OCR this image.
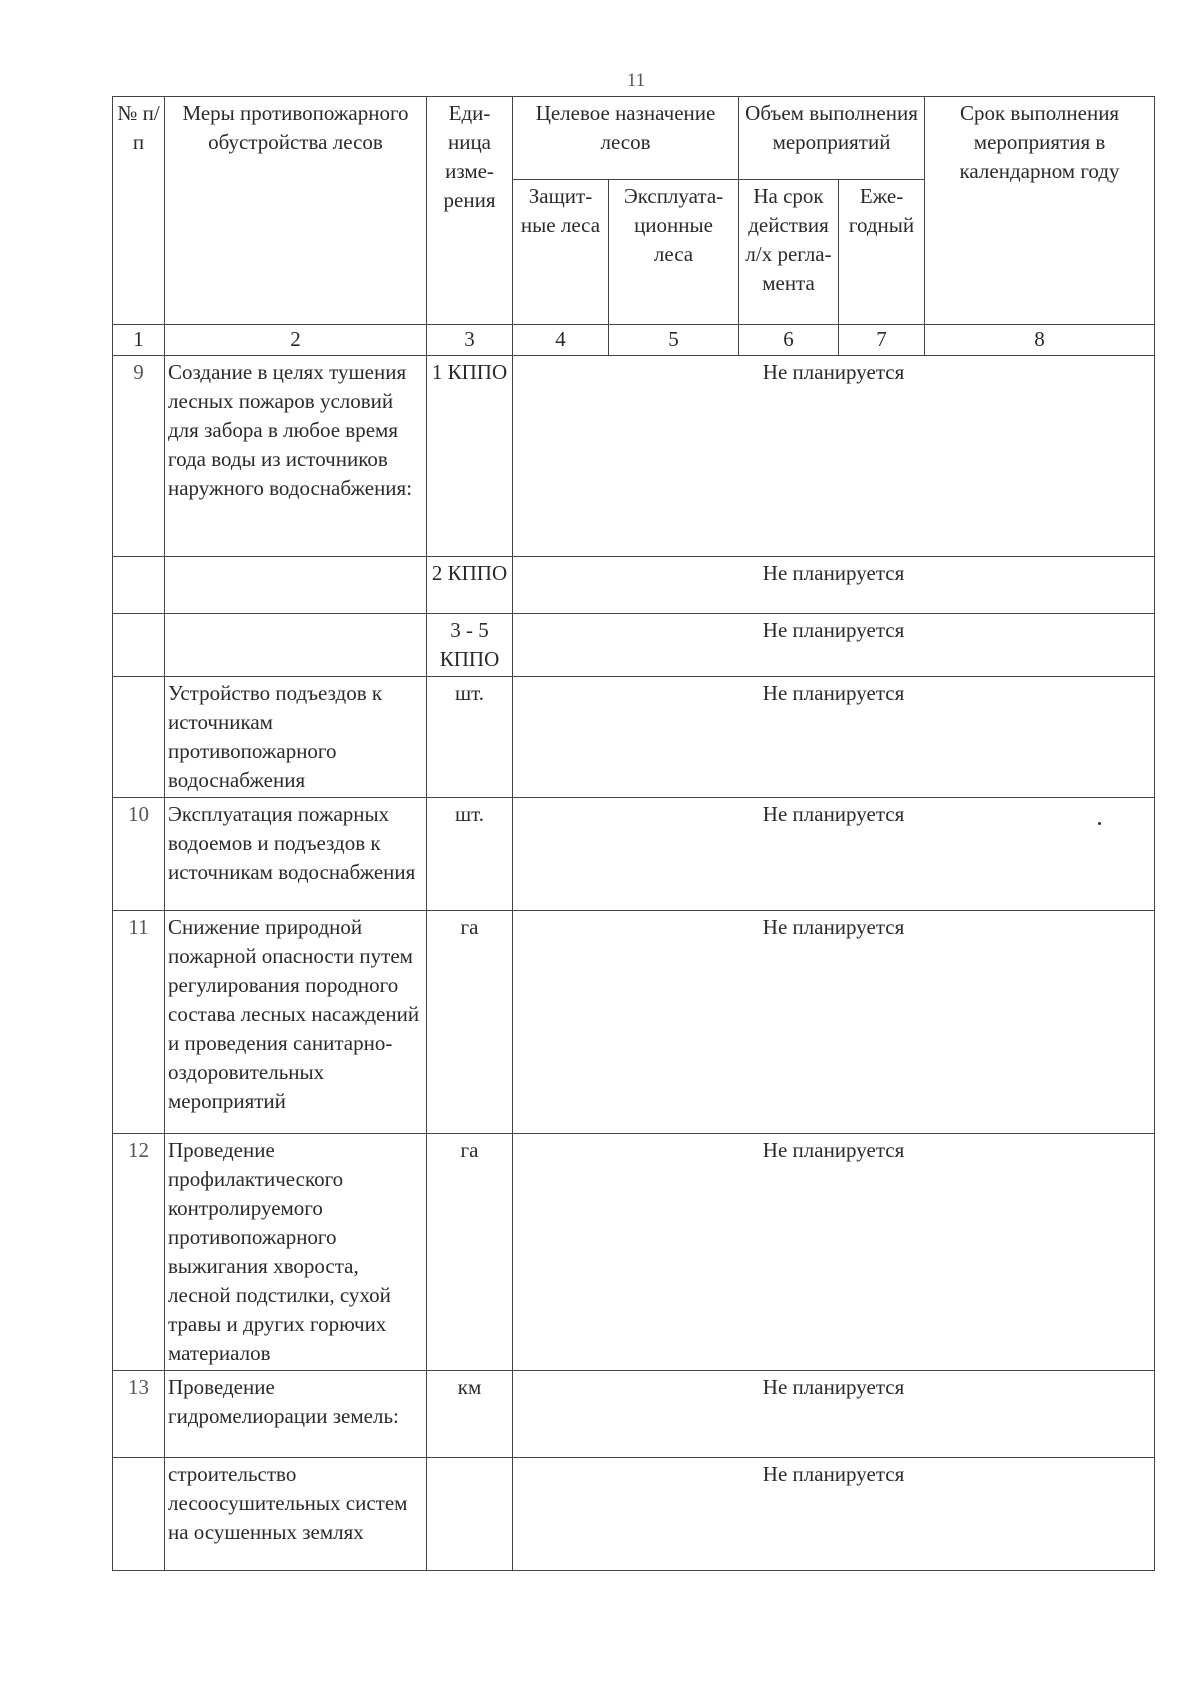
11
№ п/п	Меры противопожарного обустройства лесов	Еди-ница изме-рения	Целевое назначение лесов		Объем выполнения мероприятий		Срок выполнения мероприятия в календарном году
			Защит-ные леса	Эксплуата-ционные леса	На срок действия л/х регла-мента	Еже-годный	
1	2	3	4	5	6	7	8
9	Создание в целях тушения лесных пожаров условий для забора в любое время года воды из источников наружного водоснабжения:	1 КППО	Не планируется				
		2 КППО	Не планируется				
		3 - 5 КППО	Не планируется				
	Устройство подъездов к источникам противопожарного водоснабжения	шт.	Не планируется				
10	Эксплуатация пожарных водоемов и подъездов к источникам водоснабжения	шт.	Не планируется				
11	Снижение природной пожарной опасности путем регулирования породного состава лесных насаждений и проведения санитарно-оздоровительных мероприятий	га	Не планируется				
12	Проведение профилактического контролируемого противопожарного выжигания хвороста, лесной подстилки, сухой травы и других горючих материалов	га	Не планируется				
13	Проведение гидромелиорации земель:	км	Не планируется				
	строительство лесоосушительных систем на осушенных землях		Не планируется				
